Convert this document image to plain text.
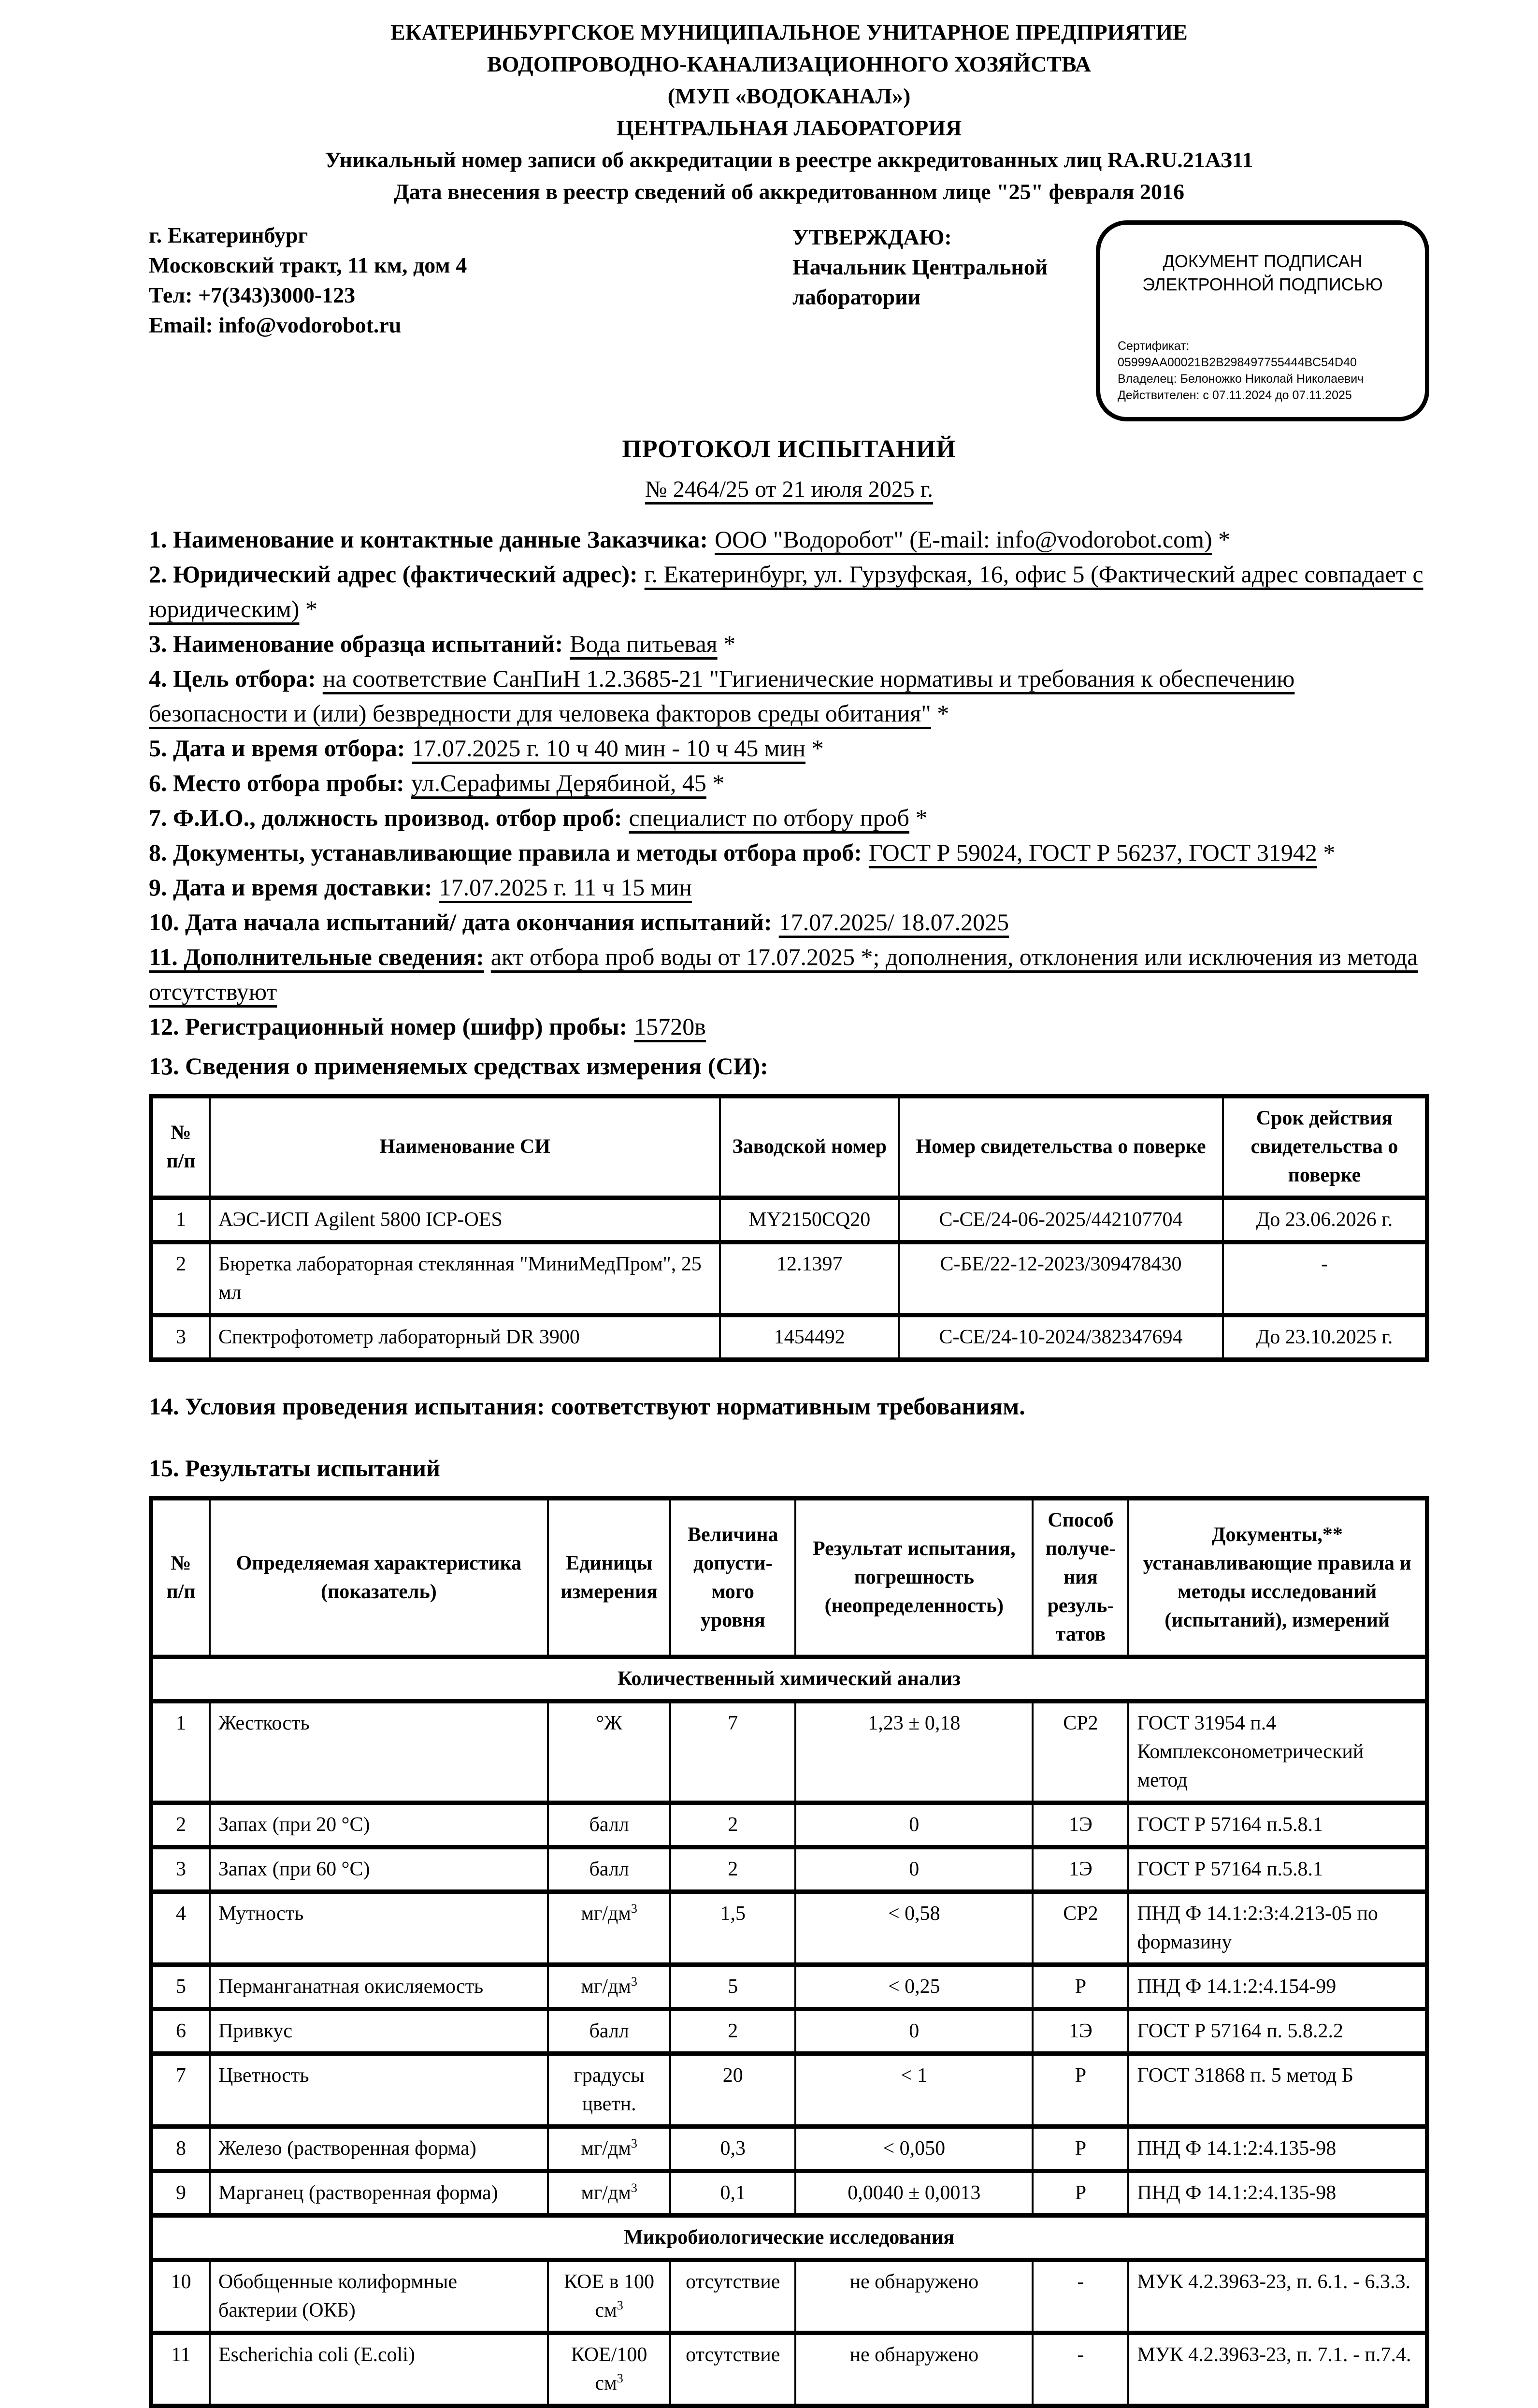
ЕКАТЕРИНБУРГСКОЕ МУНИЦИПАЛЬНОЕ УНИТАРНОЕ ПРЕДПРИЯТИЕ
ВОДОПРОВОДНО-КАНАЛИЗАЦИОННОГО ХОЗЯЙСТВА
(МУП «ВОДОКАНАЛ»)
ЦЕНТРАЛЬНАЯ ЛАБОРАТОРИЯ
Уникальный номер записи об аккредитации в реестре аккредитованных лиц RA.RU.21АЗ11
Дата внесения в реестр сведений об аккредитованном лице "25" февраля 2016
г. Екатеринбург
Московский тракт, 11 км, дом 4
Тел: +7(343)3000-123
Email: info@vodorobot.ru
УТВЕРЖДАЮ:
Начальник Центральной
лаборатории
ДОКУМЕНТ ПОДПИСАН
ЭЛЕКТРОННОЙ ПОДПИСЬЮ
Сертификат: 05999AA00021B2B298497755444BC54D40
Владелец: Белоножко Николай Николаевич
Действителен: с 07.11.2024 до 07.11.2025
ПРОТОКОЛ ИСПЫТАНИЙ
№ 2464/25 от 21 июля 2025 г.
1. Наименование и контактные данные Заказчика: ООО "Водоробот" (E-mail: info@vodorobot.com) *
2. Юридический адрес (фактический адрес): г. Екатеринбург, ул. Гурзуфская, 16, офис 5 (Фактический адрес совпадает с юридическим) *
3. Наименование образца испытаний: Вода питьевая *
4. Цель отбора: на соответствие СанПиН 1.2.3685-21 "Гигиенические нормативы и требования к обеспечению безопасности и (или) безвредности для человека факторов среды обитания" *
5. Дата и время отбора: 17.07.2025 г. 10 ч 40 мин - 10 ч 45 мин *
6. Место отбора пробы: ул.Серафимы Дерябиной, 45 *
7. Ф.И.О., должность производ. отбор проб: специалист по отбору проб *
8. Документы, устанавливающие правила и методы отбора проб: ГОСТ Р 59024, ГОСТ Р 56237, ГОСТ 31942 *
9. Дата и время доставки: 17.07.2025 г. 11 ч 15 мин
10. Дата начала испытаний/ дата окончания испытаний: 17.07.2025/ 18.07.2025
11. Дополнительные сведения: акт отбора проб воды от 17.07.2025 *; дополнения, отклонения или исключения из метода отсутствуют
12. Регистрационный номер (шифр) пробы: 15720в
13. Сведения о применяемых средствах измерения (СИ):
№ п/п	Наименование СИ	Заводской номер	Номер свидетельства о поверке	Срок действия свидетельства о поверке
1	АЭС-ИСП Agilent 5800 ICP-OES	MY2150CQ20	С-СЕ/24-06-2025/442107704	До 23.06.2026 г.
2	Бюретка лабораторная стеклянная "МиниМедПром", 25 мл	12.1397	С-БЕ/22-12-2023/309478430	-
3	Спектрофотометр лабораторный DR 3900	1454492	С-СЕ/24-10-2024/382347694	До 23.10.2025 г.
14. Условия проведения испытания: соответствуют нормативным требованиям.
15. Результаты испытаний
№ п/п	Определяемая характеристика (показатель)	Единицы измерения	Величина допусти- мого уровня	Результат испытания, погрешность (неопределенность)	Способ получе- ния резуль- татов	Документы,** устанавливающие правила и методы исследований (испытаний), измерений
Количественный химический анализ						
1	Жесткость	°Ж	7	1,23 ± 0,18	СР2	ГОСТ 31954 п.4 Комплексонометрический метод
2	Запах (при 20 °С)	балл	2	0	1Э	ГОСТ Р 57164 п.5.8.1
3	Запах (при 60 °С)	балл	2	0	1Э	ГОСТ Р 57164 п.5.8.1
4	Мутность	$мг/дм^3$	1,5	< 0,58	СР2	ПНД Ф 14.1:2:3:4.213-05 по формазину
5	Перманганатная окисляемость	$мг/дм^3$	5	< 0,25	Р	ПНД Ф 14.1:2:4.154-99
6	Привкус	балл	2	0	1Э	ГОСТ Р 57164 п. 5.8.2.2
7	Цветность	градусы цветн.	20	< 1	Р	ГОСТ 31868 п. 5 метод Б
8	Железо (растворенная форма)	$мг/дм^3$	0,3	< 0,050	Р	ПНД Ф 14.1:2:4.135-98
9	Марганец (растворенная форма)	$мг/дм^3$	0,1	0,0040 ± 0,0013	Р	ПНД Ф 14.1:2:4.135-98
Микробиологические исследования						
10	Обобщенные колиформные бактерии (ОКБ)	КОЕ в 100 $см^3$	отсутствие	не обнаружено	-	МУК 4.2.3963-23, п. 6.1. - 6.3.3.
11	Escherichia coli (E.coli)	КОЕ/100 $см^3$	отсутствие	не обнаружено	-	МУК 4.2.3963-23, п. 7.1. - п.7.4.
